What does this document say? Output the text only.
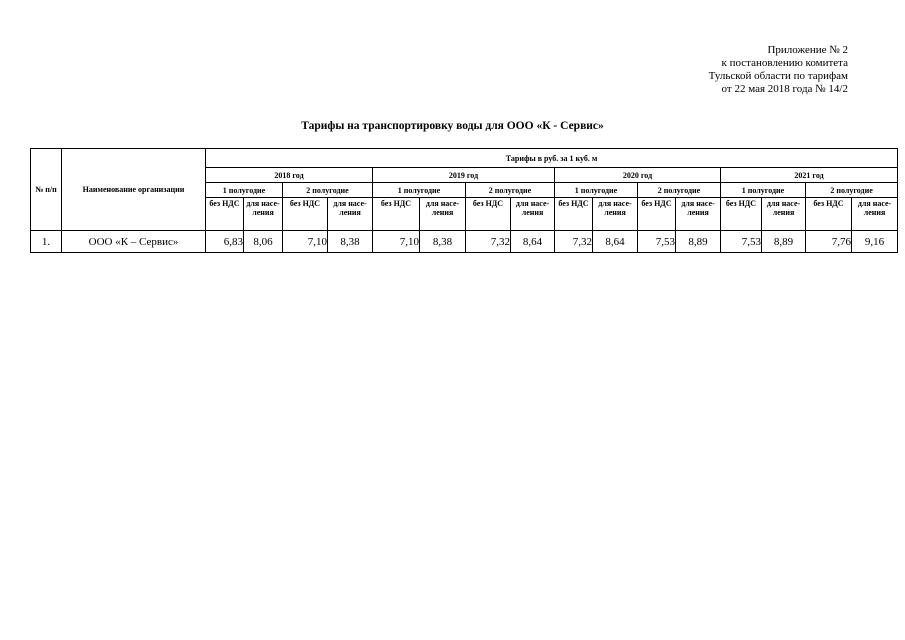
Приложение № 2
к постановлению комитета
Тульской области по тарифам
от 22 мая 2018 года № 14/2
Тарифы на транспортировку воды для ООО «К - Сервис»
№ п/п	Наименование организации	Тарифы в руб. за 1 куб. м															
		2018 год				2019 год				2020 год				2021 год			
		1 полугодие		2 полугодие		1 полугодие		2 полугодие		1 полугодие		2 полугодие		1 полугодие		2 полугодие	
		без НДС	для насе-ления	без НДС	для насе-ления	без НДС	для насе-ления	без НДС	для насе-ления	без НДС	для насе-ления	без НДС	для насе-ления	без НДС	для насе-ления	без НДС	для насе-ления
1.	ООО «К – Сервис»	6,83	8,06	7,10	8,38	7,10	8,38	7,32	8,64	7,32	8,64	7,53	8,89	7,53	8,89	7,76	9,16
